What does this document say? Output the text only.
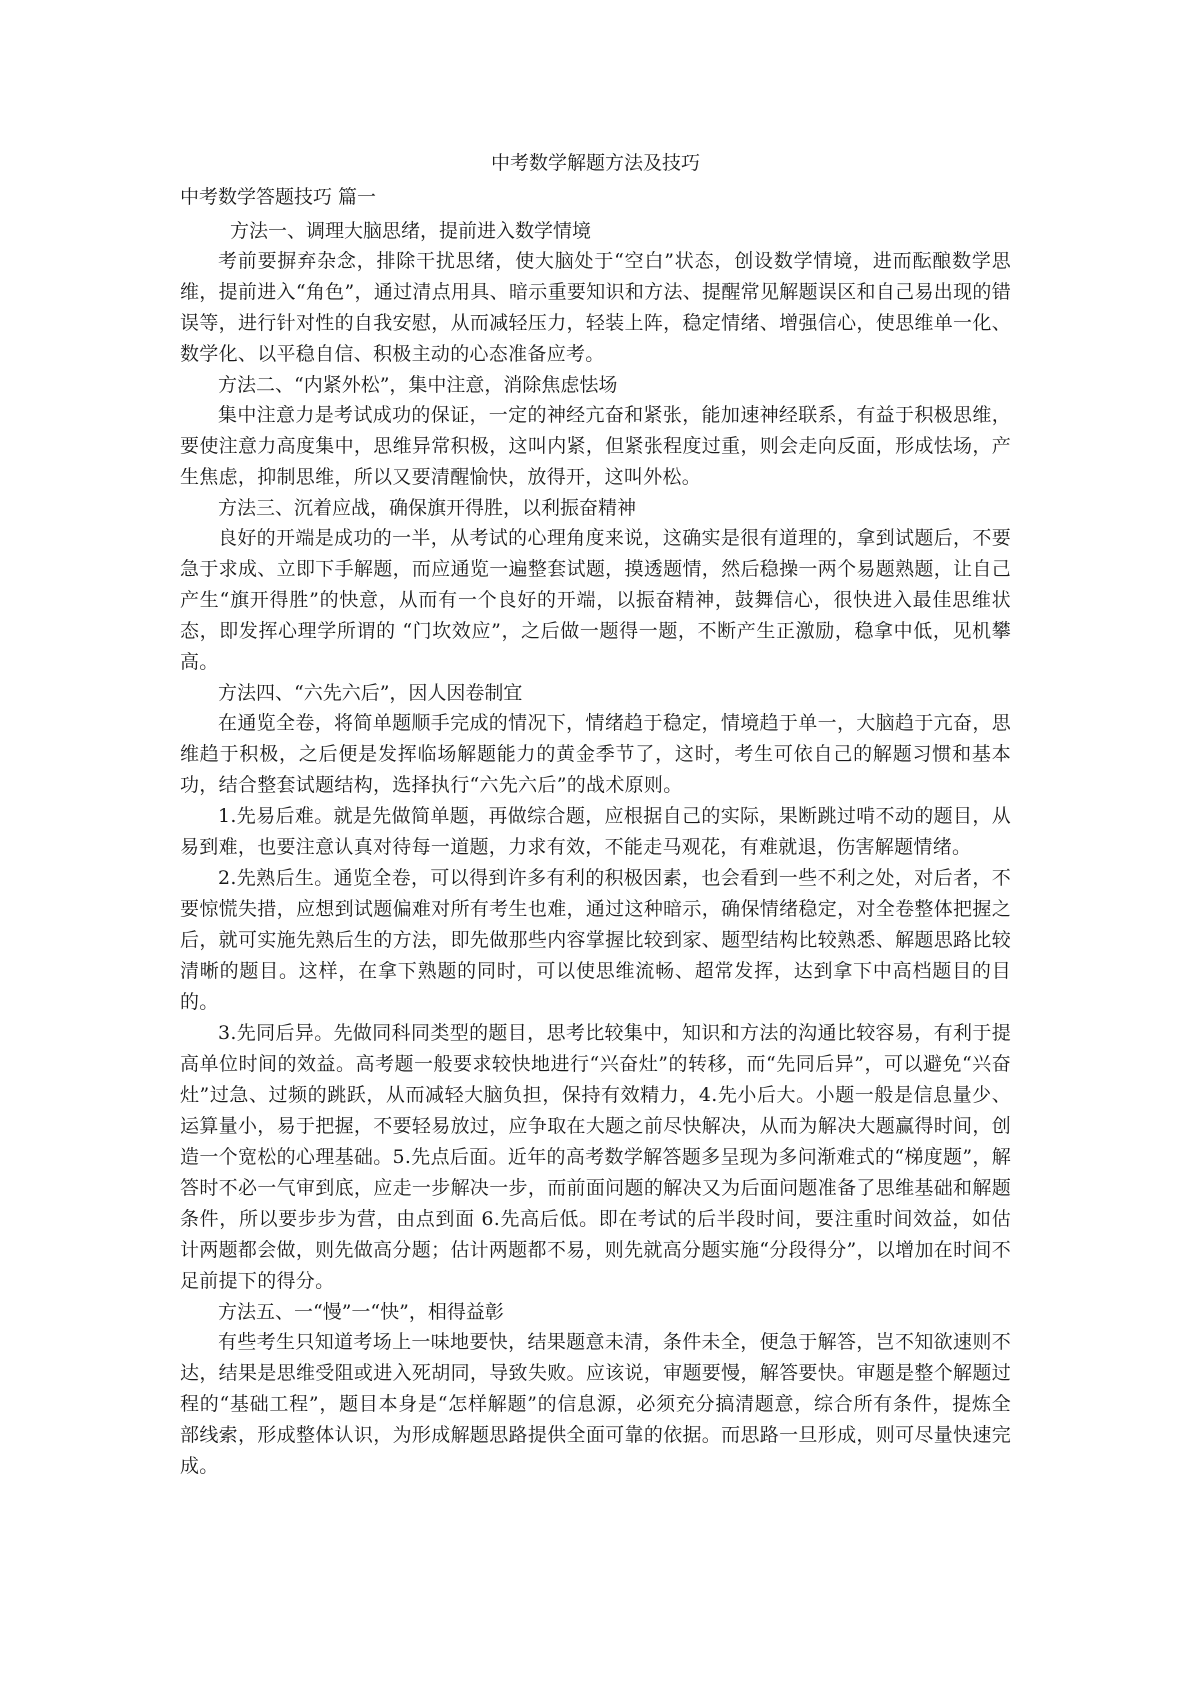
中考数学解题方法及技巧
中考数学答题技巧 篇一

方法一、调理大脑思绪，提前进入数学情境

考前要摒弃杂念，排除干扰思绪，使大脑处于“空白”状态，创设数学情境，进而酝酿数学思维，提前进入“角色”，通过清点用具、暗示重要知识和方法、提醒常见解题误区和自己易出现的错误等，进行针对性的自我安慰，从而减轻压力，轻装上阵，稳定情绪、增强信心，使思维单一化、数学化、以平稳自信、积极主动的心态准备应考。

方法二、“内紧外松”，集中注意，消除焦虑怯场

集中注意力是考试成功的保证，一定的神经亢奋和紧张，能加速神经联系，有益于积极思维，要使注意力高度集中，思维异常积极，这叫内紧，但紧张程度过重，则会走向反面，形成怯场，产生焦虑，抑制思维，所以又要清醒愉快，放得开，这叫外松。

方法三、沉着应战，确保旗开得胜，以利振奋精神

良好的开端是成功的一半，从考试的心理角度来说，这确实是很有道理的，拿到试题后，不要急于求成、立即下手解题，而应通览一遍整套试题，摸透题情，然后稳操一两个易题熟题，让自己产生“旗开得胜”的快意，从而有一个良好的开端，以振奋精神，鼓舞信心，很快进入最佳思维状态，即发挥心理学所谓的 “门坎效应”，之后做一题得一题，不断产生正激励，稳拿中低，见机攀高。

方法四、“六先六后”，因人因卷制宜

在通览全卷，将简单题顺手完成的情况下，情绪趋于稳定，情境趋于单一，大脑趋于亢奋，思维趋于积极，之后便是发挥临场解题能力的黄金季节了，这时，考生可依自己的解题习惯和基本功，结合整套试题结构，选择执行“六先六后”的战术原则。

1.先易后难。就是先做简单题，再做综合题，应根据自己的实际，果断跳过啃不动的题目，从易到难，也要注意认真对待每一道题，力求有效，不能走马观花，有难就退，伤害解题情绪。

2.先熟后生。通览全卷，可以得到许多有利的积极因素，也会看到一些不利之处，对后者，不要惊慌失措，应想到试题偏难对所有考生也难，通过这种暗示，确保情绪稳定，对全卷整体把握之后，就可实施先熟后生的方法，即先做那些内容掌握比较到家、题型结构比较熟悉、解题思路比较清晰的题目。这样，在拿下熟题的同时，可以使思维流畅、超常发挥，达到拿下中高档题目的目的。

3.先同后异。先做同科同类型的题目，思考比较集中，知识和方法的沟通比较容易，有利于提高单位时间的效益。高考题一般要求较快地进行“兴奋灶”的转移，而“先同后异”，可以避免“兴奋灶”过急、过频的跳跃，从而减轻大脑负担，保持有效精力，4.先小后大。小题一般是信息量少、运算量小，易于把握，不要轻易放过，应争取在大题之前尽快解决，从而为解决大题赢得时间，创造一个宽松的心理基础。5.先点后面。近年的高考数学解答题多呈现为多问渐难式的“梯度题”，解答时不必一气审到底，应走一步解决一步，而前面问题的解决又为后面问题准备了思维基础和解题条件，所以要步步为营，由点到面 6.先高后低。即在考试的后半段时间，要注重时间效益，如估计两题都会做，则先做高分题；估计两题都不易，则先就高分题实施“分段得分”，以增加在时间不足前提下的得分。

方法五、一“慢”一“快”，相得益彰

有些考生只知道考场上一味地要快，结果题意未清，条件未全，便急于解答，岂不知欲速则不达，结果是思维受阻或进入死胡同，导致失败。应该说，审题要慢，解答要快。审题是整个解题过程的“基础工程”，题目本身是“怎样解题”的信息源，必须充分搞清题意，综合所有条件，提炼全部线索，形成整体认识，为形成解题思路提供全面可靠的依据。而思路一旦形成，则可尽量快速完成。
